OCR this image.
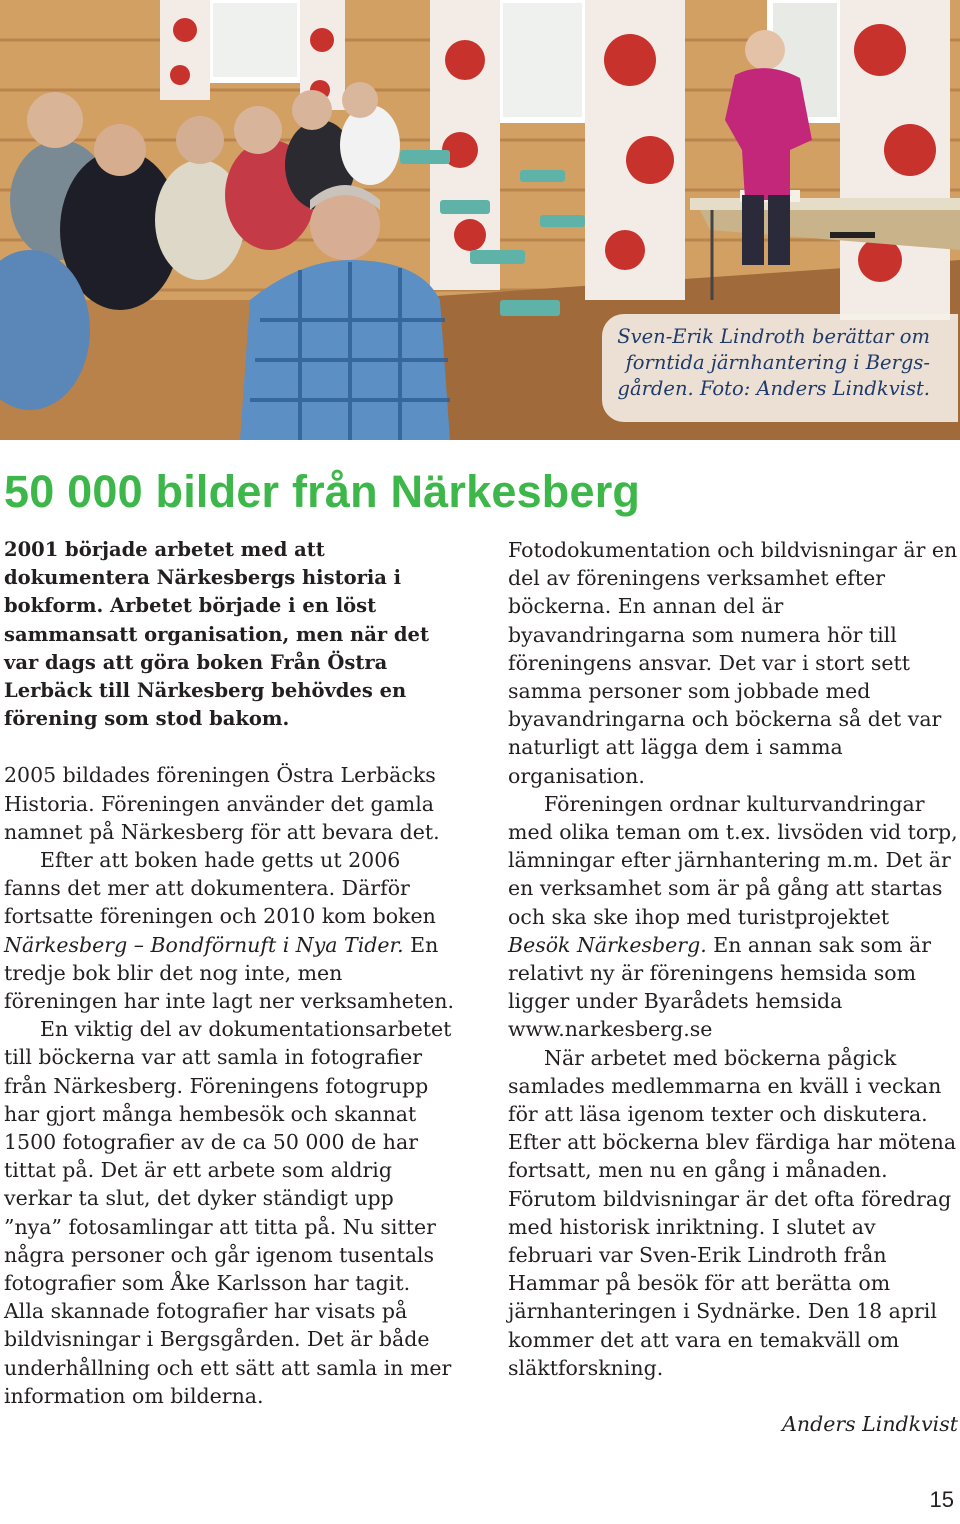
Sven-Erik Lindroth berättar om forntida järnhantering i Bergs-gården. Foto: Anders Lindkvist.
50 000 bilder från Närkesberg

2001 började arbetet med att dokumentera Närkesbergs historia i bokform. Arbetet började i en löst sammansatt organisation, men när det var dags att göra boken Från Östra Lerbäck till Närkesberg behövdes en förening som stod bakom.

2005 bildades föreningen Östra Lerbäcks Historia. Föreningen använder det gamla namnet på Närkesberg för att bevara det.

Efter att boken hade getts ut 2006 fanns det mer att dokumentera. Därför fortsatte föreningen och 2010 kom boken Närkesberg – Bondförnuft i Nya Tider. En tredje bok blir det nog inte, men föreningen har inte lagt ner verksamheten.

En viktig del av dokumentationsarbetet till böckerna var att samla in fotografier från Närkesberg. Föreningens fotogrupp har gjort många hembesök och skannat 1500 fotografier av de ca 50 000 de har tittat på. Det är ett arbete som aldrig verkar ta slut, det dyker ständigt upp ”nya” fotosamlingar att titta på. Nu sitter några personer och går igenom tusentals fotografier som Åke Karlsson har tagit. Alla skannade fotografier har visats på bildvisningar i Bergsgården. Det är både underhållning och ett sätt att samla in mer information om bilderna.

Fotodokumentation och bildvisningar är en del av föreningens verksamhet efter böckerna. En annan del är byavandringarna som numera hör till föreningens ansvar. Det var i stort sett samma personer som jobbade med byavandringarna och böckerna så det var naturligt att lägga dem i samma organisation.

Föreningen ordnar kulturvandringar med olika teman om t.ex. livsöden vid torp, lämningar efter järnhantering m.m. Det är en verksamhet som är på gång att startas och ska ske ihop med turistprojektet Besök Närkesberg. En annan sak som är relativt ny är föreningens hemsida som ligger under Byarådets hemsida www.narkesberg.se

När arbetet med böckerna pågick samlades medlemmarna en kväll i veckan för att läsa igenom texter och diskutera. Efter att böckerna blev färdiga har mötena fortsatt, men nu en gång i månaden. Förutom bildvisningar är det ofta föredrag med historisk inriktning. I slutet av februari var Sven-Erik Lindroth från Hammar på besök för att berätta om järnhanteringen i Sydnärke. Den 18 april kommer det att vara en temakväll om släktforskning.

Anders Lindkvist

15
